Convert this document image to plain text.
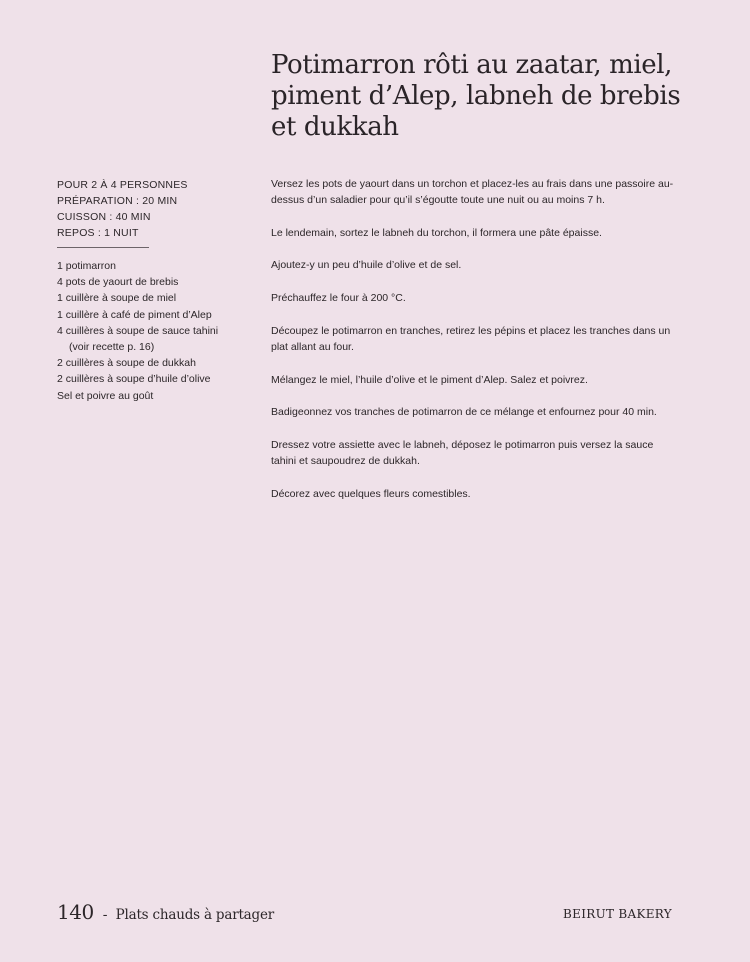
Potimarron rôti au zaatar, miel, piment d’Alep, labneh de brebis et dukkah
POUR 2 À 4 PERSONNES
PRÉPARATION : 20 MIN
CUISSON : 40 MIN
REPOS : 1 NUIT
1 potimarron
4 pots de yaourt de brebis
1 cuillère à soupe de miel
1 cuillère à café de piment d’Alep
4 cuillères à soupe de sauce tahini
(voir recette p. 16)
2 cuillères à soupe de dukkah
2 cuillères à soupe d’huile d’olive
Sel et poivre au goût

Versez les pots de yaourt dans un torchon et placez-les au frais dans une passoire au-dessus d’un saladier pour qu’il s’égoutte toute une nuit ou au moins 7 h.

Le lendemain, sortez le labneh du torchon, il formera une pâte épaisse.

Ajoutez-y un peu d’huile d’olive et de sel.

Préchauffez le four à 200 °C.

Découpez le potimarron en tranches, retirez les pépins et placez les tranches dans un plat allant au four.

Mélangez le miel, l’huile d’olive et le piment d’Alep. Salez et poivrez.

Badigeonnez vos tranches de potimarron de ce mélange et enfournez pour 40 min.

Dressez votre assiette avec le labneh, déposez le potimarron puis versez la sauce tahini et saupoudrez de dukkah.

Décorez avec quelques fleurs comestibles.

140 - Plats chauds à partager	BEIRUT BAKERY
